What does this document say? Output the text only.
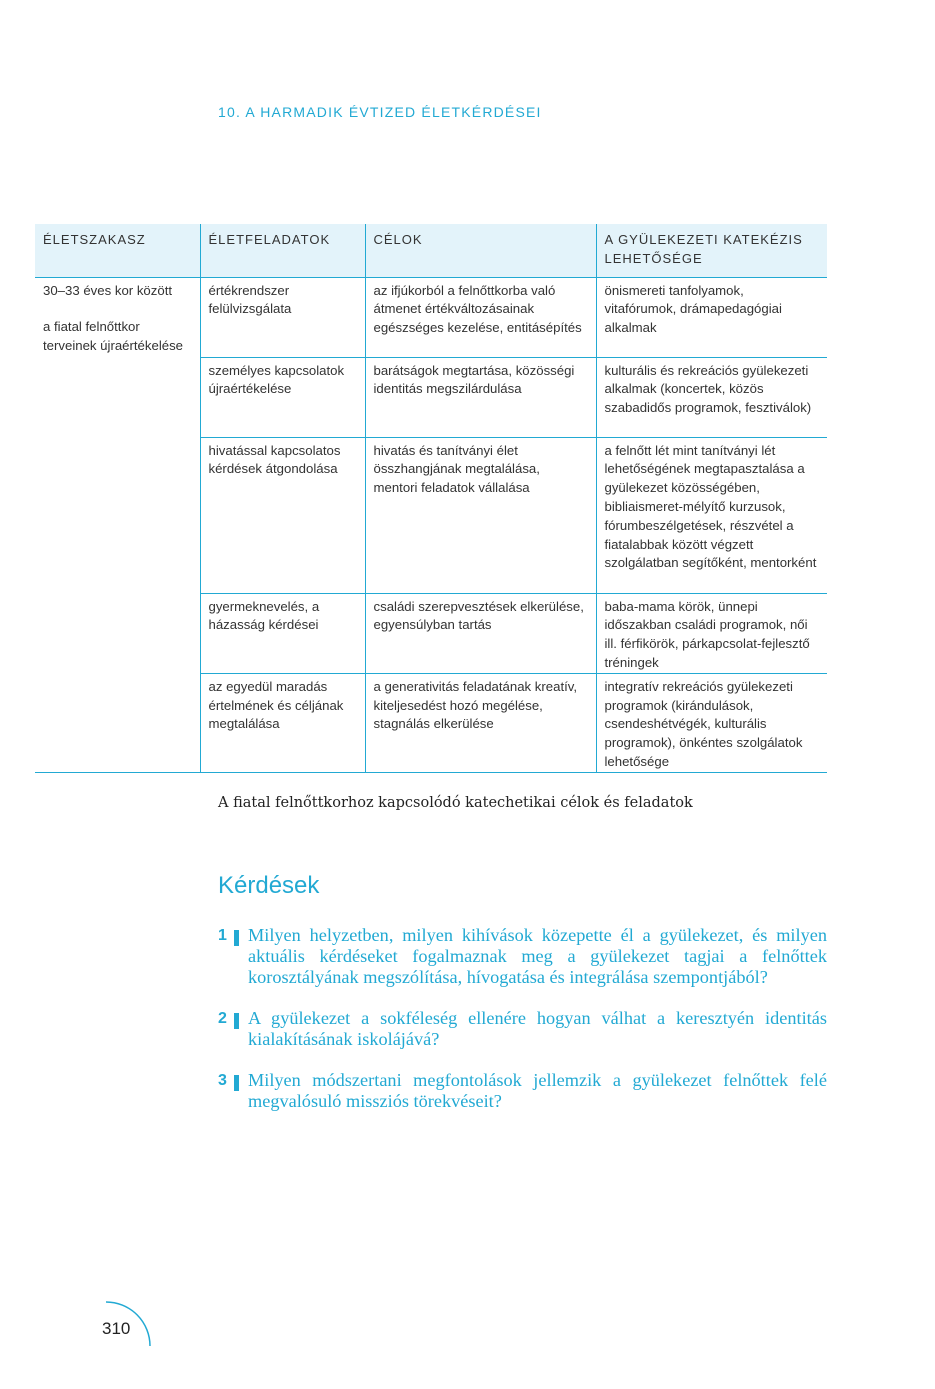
10. A HARMADIK ÉVTIZED ÉLETKÉRDÉSEI
ÉLETSZAKASZ	ÉLETFELADATOK	CÉLOK	A GYÜLEKEZETI KATEKÉZIS LEHETŐSÉGE

30–33 éves kor között
a fiatal felnőttkor terveinek újraértékelése	értékrendszer felülvizsgálata	az ifjúkorból a felnőttkorba való átmenet értékváltozásainak egészséges kezelése, entitásépítés	önismereti tanfolyamok, vitafórumok, drámapedagógiai alkalmak
	személyes kapcsolatok újraértékelése	barátságok megtartása, közösségi identitás megszilárdulása	kulturális és rekreációs gyülekezeti alkalmak (koncertek, közös szabadidős programok, fesztiválok)
	hivatással kapcsolatos kérdések átgondolása	hivatás és tanítványi élet összhangjának megtalálása, mentori feladatok vállalása	a felnőtt lét mint tanítványi lét lehetőségének megtapasztalása a gyülekezet közösségében, bibliaismeret-mélyítő kurzusok, fórumbeszélgetések, részvétel a fiatalabbak között végzett szolgálatban segítőként, mentorként
	gyermeknevelés, a házasság kérdései	családi szerepvesztések elkerülése, egyensúlyban tartás	baba-mama körök, ünnepi időszakban családi programok, női ill. férfikörök, párkapcsolat-fejlesztő tréningek
	az egyedül maradás értelmének és céljának megtalálása	a generativitás feladatának kreatív, kiteljesedést hozó megélése, stagnálás elkerülése	integratív rekreációs gyülekezeti programok (kirándulások, csendeshétvégék, kulturális programok), önkéntes szolgálatok lehetősége
A fiatal felnőttkorhoz kapcsolódó katechetikai célok és feladatok
Kérdések
1 Milyen helyzetben, milyen kihívások közepette él a gyülekezet, és milyen aktuális kérdéseket fogalmaznak meg a gyülekezet tagjai a felnőttek korosztályának megszólítása, hívogatása és integrálása szempontjából?
2 A gyülekezet a sokféleség ellenére hogyan válhat a keresztyén identitás kialakításának iskolájává?
3 Milyen módszertani megfontolások jellemzik a gyülekezet felnőttek felé megvalósuló missziós törekvéseit?
310
